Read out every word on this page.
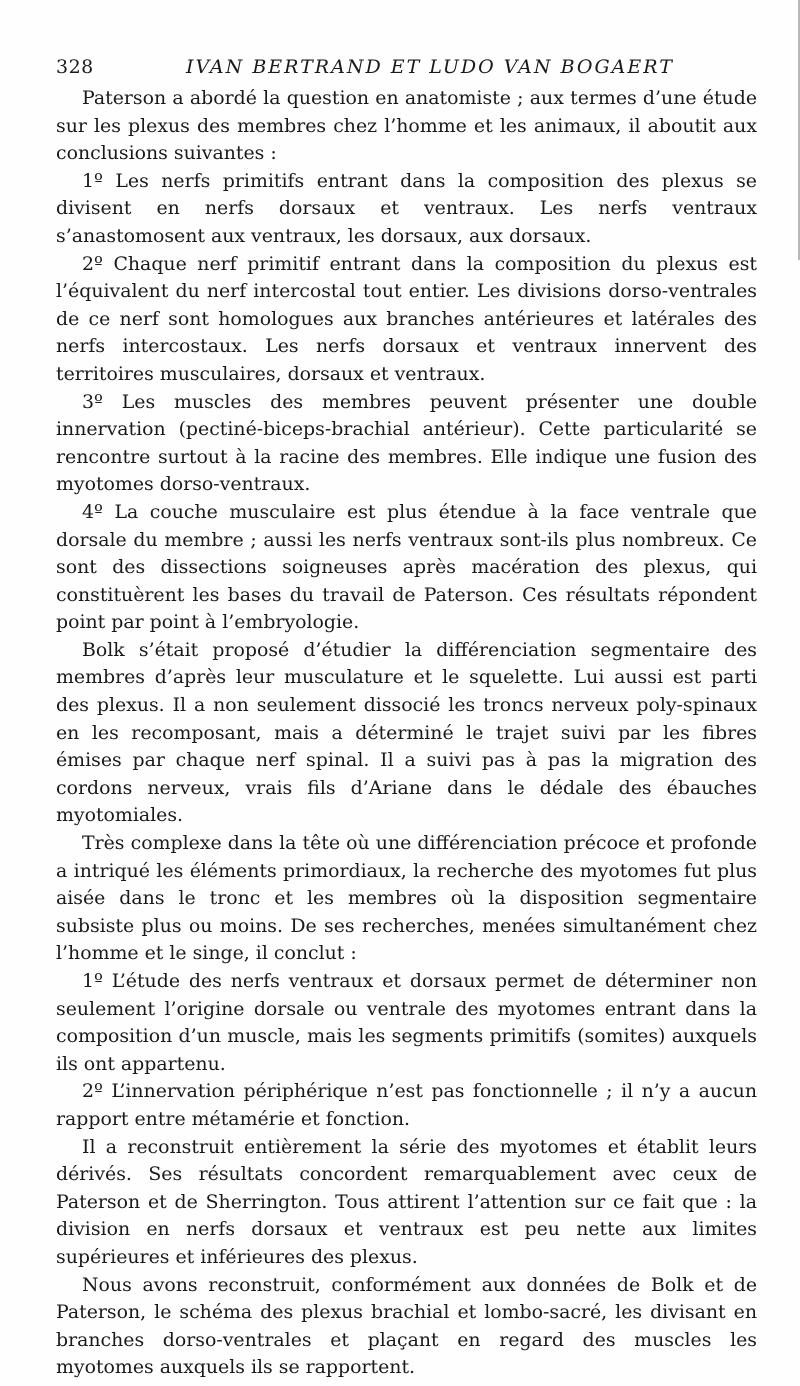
328	IVAN BERTRAND ET LUDO VAN BOGAERT

Paterson a abordé la question en anatomiste ; aux termes d’une étude sur les plexus des membres chez l’homme et les animaux, il aboutit aux conclusions suivantes :

1º Les nerfs primitifs entrant dans la composition des plexus se divisent en nerfs dorsaux et ventraux. Les nerfs ventraux s’anastomosent aux ventraux, les dorsaux, aux dorsaux.

2º Chaque nerf primitif entrant dans la composition du plexus est l’équivalent du nerf intercostal tout entier. Les divisions dorso-ventrales de ce nerf sont homologues aux branches antérieures et latérales des nerfs intercostaux. Les nerfs dorsaux et ventraux innervent des territoires musculaires, dorsaux et ventraux.

3º Les muscles des membres peuvent présenter une double innervation (pectiné-biceps-brachial antérieur). Cette particularité se rencontre surtout à la racine des membres. Elle indique une fusion des myotomes dorso-ventraux.

4º La couche musculaire est plus étendue à la face ventrale que dorsale du membre ; aussi les nerfs ventraux sont-ils plus nombreux. Ce sont des dissections soigneuses après macération des plexus, qui constituèrent les bases du travail de Paterson. Ces résultats répondent point par point à l’embryologie.

Bolk s’était proposé d’étudier la différenciation segmentaire des membres d’après leur musculature et le squelette. Lui aussi est parti des plexus. Il a non seulement dissocié les troncs nerveux poly-spinaux en les recomposant, mais a déterminé le trajet suivi par les fibres émises par chaque nerf spinal. Il a suivi pas à pas la migration des cordons nerveux, vrais fils d’Ariane dans le dédale des ébauches myotomiales.

Très complexe dans la tête où une différenciation précoce et profonde a intriqué les éléments primordiaux, la recherche des myotomes fut plus aisée dans le tronc et les membres où la disposition segmentaire subsiste plus ou moins. De ses recherches, menées simultanément chez l’homme et le singe, il conclut :

1º L’étude des nerfs ventraux et dorsaux permet de déterminer non seulement l’origine dorsale ou ventrale des myotomes entrant dans la composition d’un muscle, mais les segments primitifs (somites) auxquels ils ont appartenu.

2º L’innervation périphérique n’est pas fonctionnelle ; il n’y a aucun rapport entre métamérie et fonction.

Il a reconstruit entièrement la série des myotomes et établit leurs dérivés. Ses résultats concordent remarquablement avec ceux de Paterson et de Sherrington. Tous attirent l’attention sur ce fait que : la division en nerfs dorsaux et ventraux est peu nette aux limites supérieures et inférieures des plexus.

Nous avons reconstruit, conformément aux données de Bolk et de Paterson, le schéma des plexus brachial et lombo-sacré, les divisant en branches dorso-ventrales et plaçant en regard des muscles les myotomes auxquels ils se rapportent.
